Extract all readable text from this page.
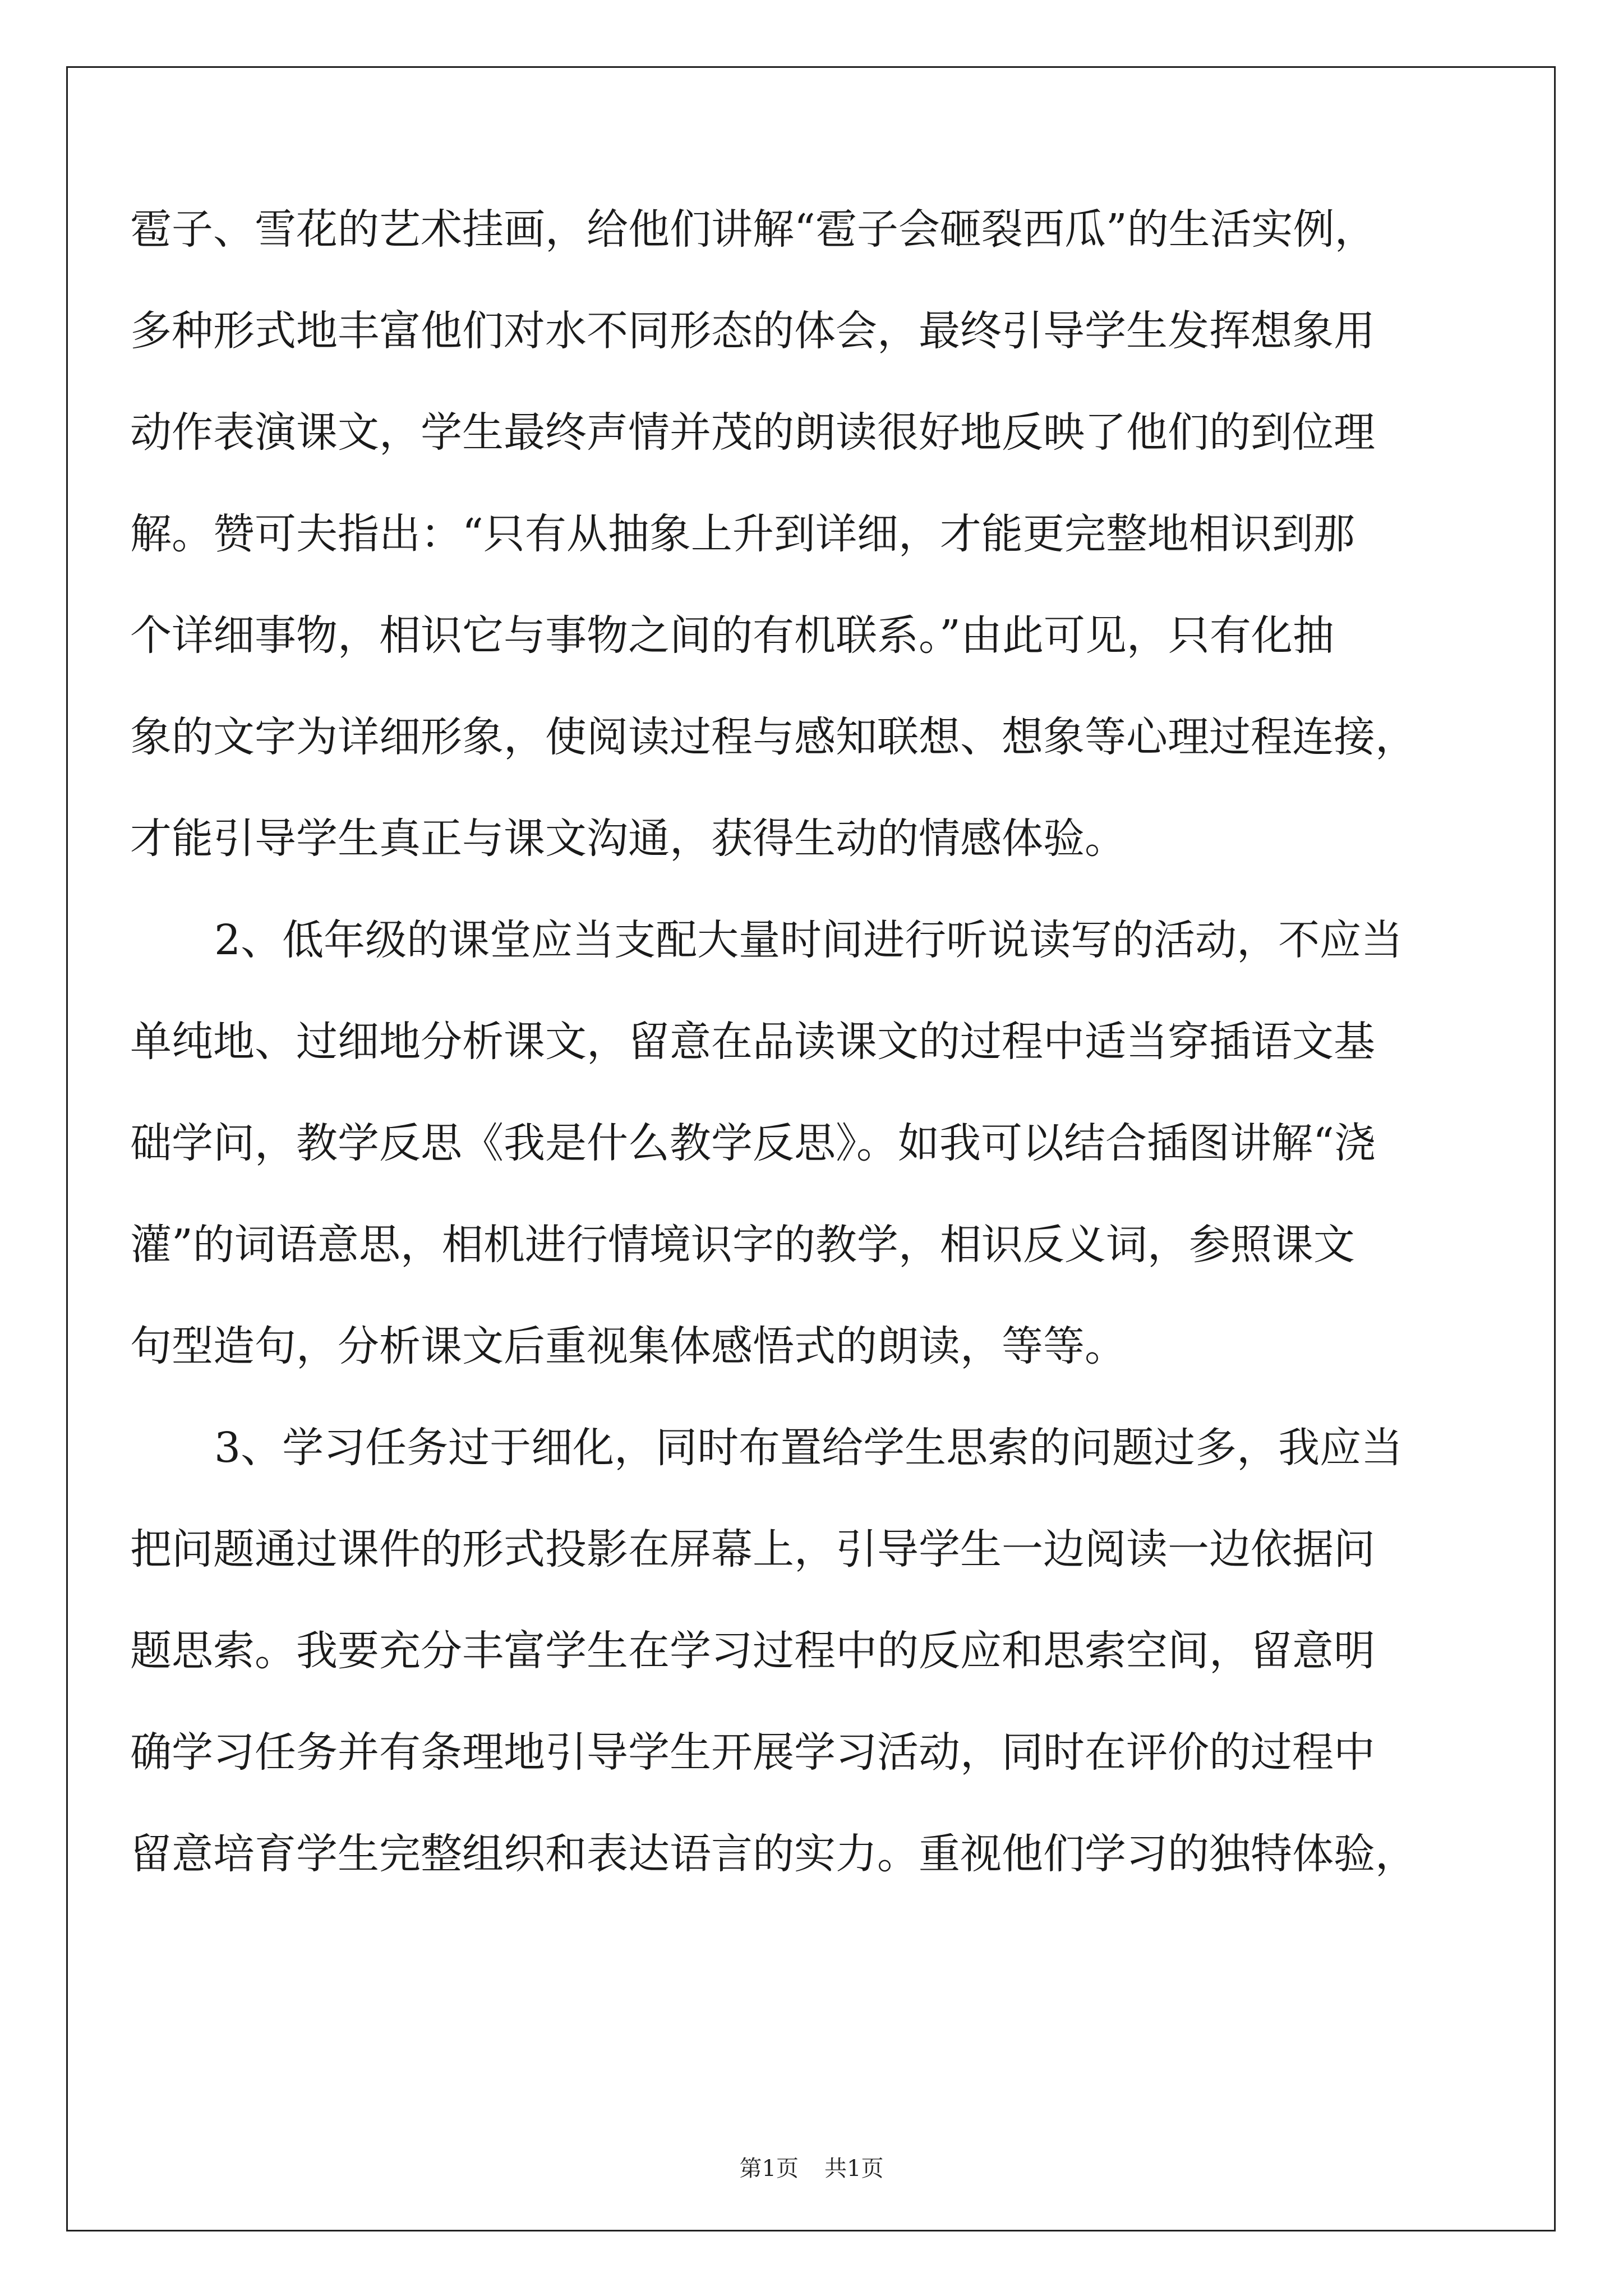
雹子、雪花的艺术挂画，给他们讲解“雹子会砸裂西瓜”的生活实例，
多种形式地丰富他们对水不同形态的体会，最终引导学生发挥想象用
动作表演课文，学生最终声情并茂的朗读很好地反映了他们的到位理
解。赞可夫指出：“只有从抽象上升到详细，才能更完整地相识到那
个详细事物，相识它与事物之间的有机联系。”由此可见，只有化抽
象的文字为详细形象，使阅读过程与感知联想、想象等心理过程连接，
才能引导学生真正与课文沟通，获得生动的情感体验。
2、低年级的课堂应当支配大量时间进行听说读写的活动，不应当
单纯地、过细地分析课文，留意在品读课文的过程中适当穿插语文基
础学问，教学反思《我是什么教学反思》。如我可以结合插图讲解“浇
灌”的词语意思，相机进行情境识字的教学，相识反义词，参照课文
句型造句，分析课文后重视集体感悟式的朗读，等等。
3、学习任务过于细化，同时布置给学生思索的问题过多，我应当
把问题通过课件的形式投影在屏幕上，引导学生一边阅读一边依据问
题思索。我要充分丰富学生在学习过程中的反应和思索空间，留意明
确学习任务并有条理地引导学生开展学习活动，同时在评价的过程中
留意培育学生完整组织和表达语言的实力。重视他们学习的独特体验，
第1页 共1页
